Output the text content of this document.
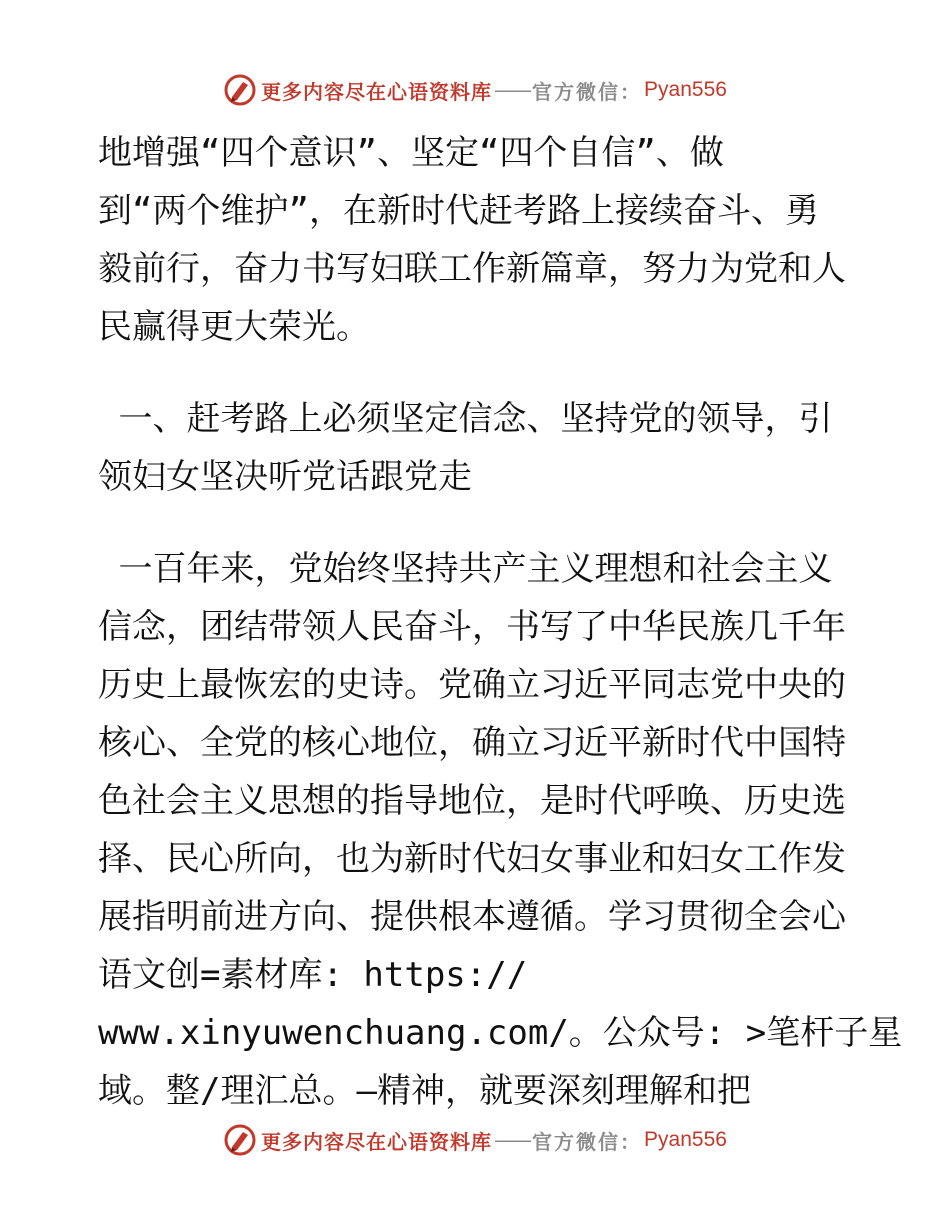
更多内容尽在心语资料库 —— 官方微信： Pyan556
地增强“四个意识”、坚定“四个自信”、做
到“两个维护”，在新时代赶考路上接续奋斗、勇
毅前行，奋力书写妇联工作新篇章，努力为党和人
民赢得更大荣光。
一、赶考路上必须坚定信念、坚持党的领导，引
领妇女坚决听党话跟党走
一百年来，党始终坚持共产主义理想和社会主义
信念，团结带领人民奋斗，书写了中华民族几千年
历史上最恢宏的史诗。党确立习近平同志党中央的
核心、全党的核心地位，确立习近平新时代中国特
色社会主义思想的指导地位，是时代呼唤、历史选
择、民心所向，也为新时代妇女事业和妇女工作发
展指明前进方向、提供根本遵循。学习贯彻全会心
语文创=素材库: https://
www.xinyuwenchuang.com/。公众号: >笔杆子星
域。整/理汇总。—精神，就要深刻理解和把
更多内容尽在心语资料库 —— 官方微信： Pyan556
